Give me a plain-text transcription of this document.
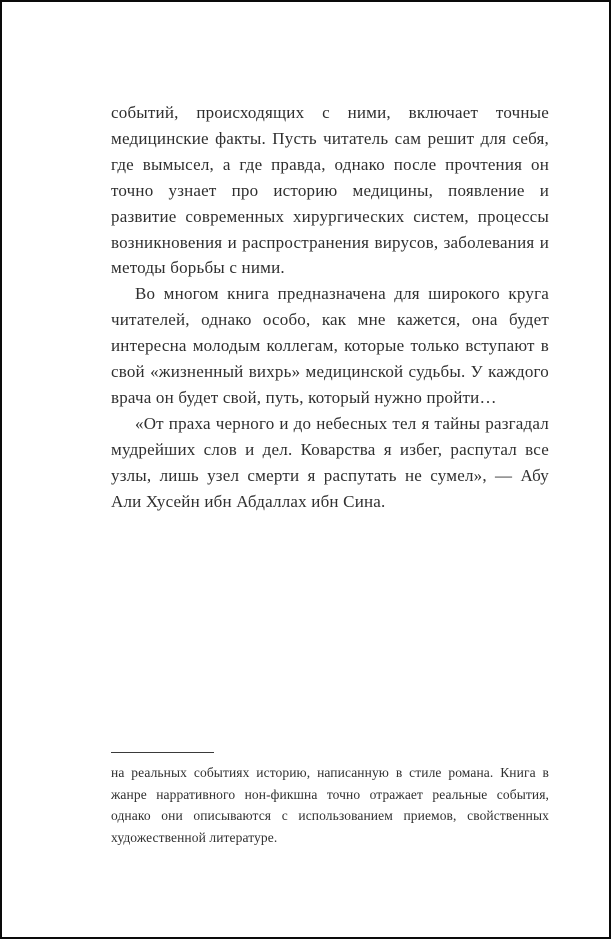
событий, происходящих с ними, включает точные медицинские факты. Пусть читатель сам решит для себя, где вымысел, а где правда, однако после прочтения он точно узнает про историю медицины, появление и развитие современных хирургических систем, процессы возникновения и распространения вирусов, заболевания и методы борьбы с ними.

Во многом книга предназначена для широкого круга читателей, однако особо, как мне кажется, она будет интересна молодым коллегам, которые только вступают в свой «жизненный вихрь» медицинской судьбы. У каждого врача он будет свой, путь, который нужно пройти…

«От праха черного и до небесных тел я тайны разгадал мудрейших слов и дел. Коварства я избег, распутал все узлы, лишь узел смерти я распутать не сумел», — Абу Али Хусейн ибн Абдаллах ибн Сина.

на реальных событиях историю, написанную в стиле романа. Книга в жанре нарративного нон-фикшна точно отражает реальные события, однако они описываются с использованием приемов, свойственных художественной литературе.
